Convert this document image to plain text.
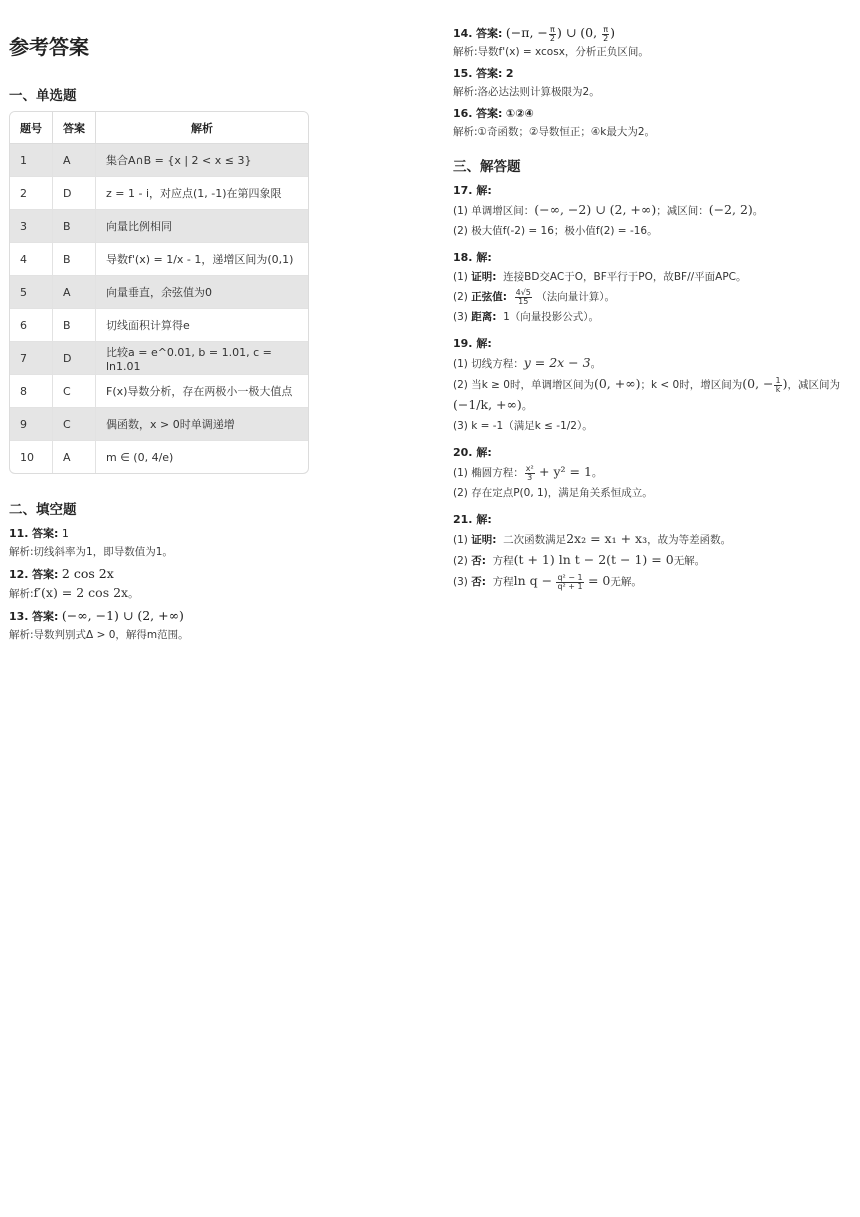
参考答案
一、单选题
题号	答案	解析
1	A	集合A∩B = {x | 2 < x ≤ 3}
2	D	z = 1 - i，对应点(1, -1)在第四象限
3	B	向量比例相同
4	B	导数f'(x) = 1/x - 1，递增区间为(0,1)
5	A	向量垂直，余弦值为0
6	B	切线面积计算得e
7	D	比较a = e^0.01, b = 1.01, c = ln1.01
8	C	F(x)导数分析，存在两极小一极大值点
9	C	偶函数，x > 0时单调递增
10	A	m ∈ (0, 4/e)
二、填空题
11. 答案: 1
解析:切线斜率为1，即导数值为1。
12. 答案: 2 cos 2x
解析:f′(x) = 2 cos 2x。
13. 答案: (−∞, −1) ∪ (2, +∞)
解析:导数判别式Δ > 0，解得m范围。
14. 答案: (−π, − $\frac{\pi}{2}$ ) ∪ (0, $\frac{\pi}{2}$ )
解析:导数f'(x) = xcosx，分析正负区间。
15. 答案: 2
解析:洛必达法则计算极限为2。
16. 答案: ①②④
解析:①奇函数；②导数恒正；④k最大为2。
三、解答题
17. 解:
(1) 单调增区间：(−∞, −2) ∪ (2, +∞)；减区间：(−2, 2)。
(2) 极大值f(-2) = 16；极小值f(2) = -16。
18. 解:
(1) 证明: 连接BD交AC于O，BF平行于PO，故BF//平面APC。
(2) 正弦值: $\frac{4√5}{15}$ （法向量计算）。
(3) 距离: 1（向量投影公式）。
19. 解:
(1) 切线方程：y = 2x − 3。
(2) 当k ≥ 0时，单调增区间为(0, +∞)；k < 0时，增区间为(0, − $\frac{1}{k}$ )，减区间为(−1/k, +∞)。
(3) k = -1（满足k ≤ -1/2）。
20. 解:
(1) 椭圆方程： $\frac{\text{x²}}{3} + y^2 = 1$。
(2) 存在定点P(0, 1)，满足角关系恒成立。
21. 解:
(1) 证明: 二次函数满足2x₂ = x₁ + x₃，故为等差函数。
(2) 否: 方程(t + 1) ln t − 2(t − 1) = 0无解。
(3) 否: 方程$\ln q - \frac{\text{q² − 1}}{\text{q² + 1}} = 0$无解。
